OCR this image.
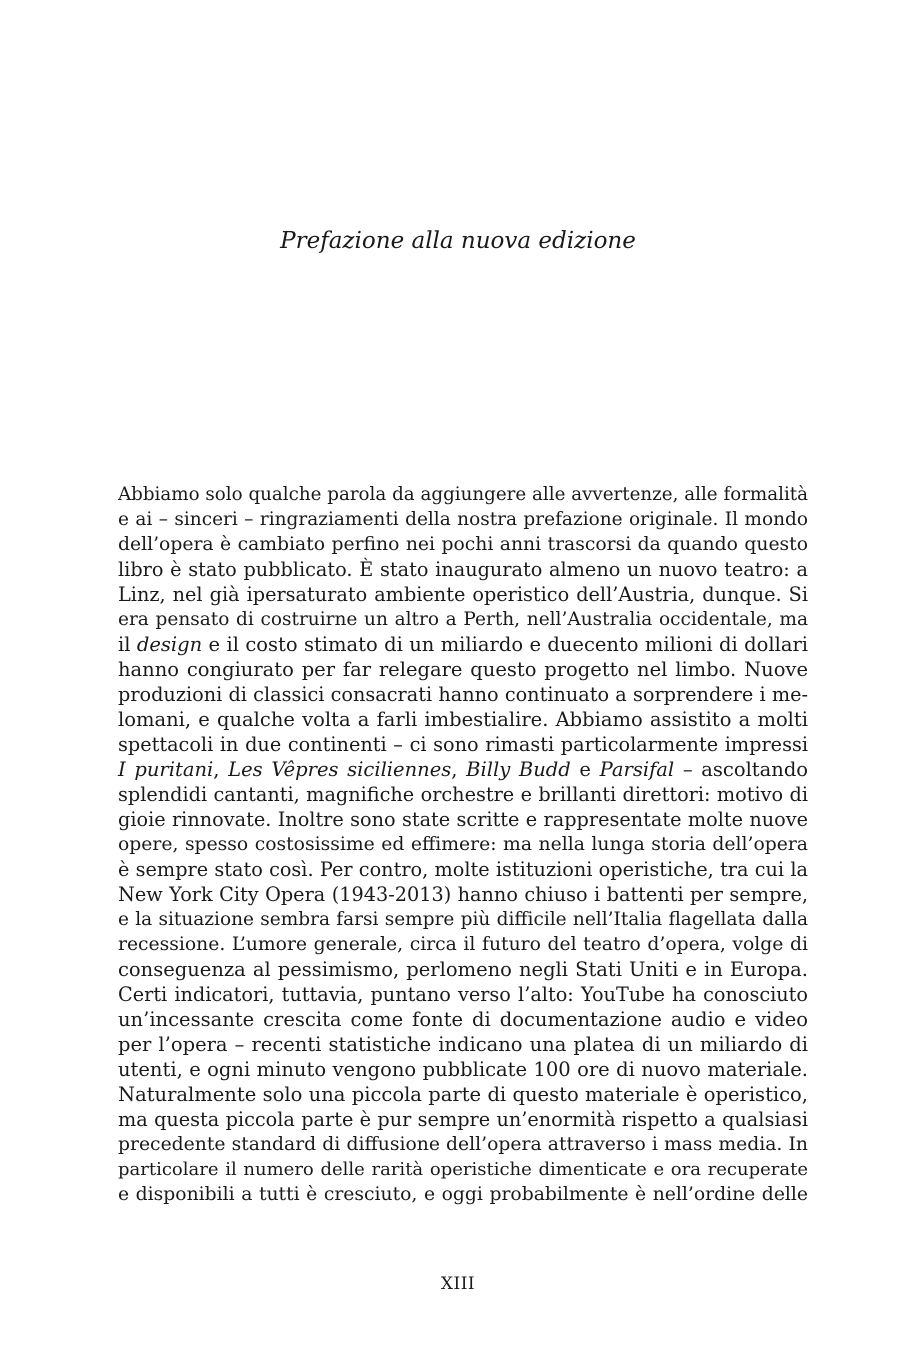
Prefazione alla nuova edizione
Abbiamo solo qualche parola da aggiungere alle avvertenze, alle formalità
e ai – sinceri – ringraziamenti della nostra prefazione originale. Il mondo
dell’opera è cambiato perfino nei pochi anni trascorsi da quando questo
libro è stato pubblicato. È stato inaugurato almeno un nuovo teatro: a
Linz, nel già ipersaturato ambiente operistico dell’Austria, dunque. Si
era pensato di costruirne un altro a Perth, nell’Australia occidentale, ma
il design e il costo stimato di un miliardo e duecento milioni di dollari
hanno congiurato per far relegare questo progetto nel limbo. Nuove
produzioni di classici consacrati hanno continuato a sorprendere i me-
lomani, e qualche volta a farli imbestialire. Abbiamo assistito a molti
spettacoli in due continenti – ci sono rimasti particolarmente impressi
I puritani, Les Vêpres siciliennes, Billy Budd e Parsifal – ascoltando
splendidi cantanti, magnifiche orchestre e brillanti direttori: motivo di
gioie rinnovate. Inoltre sono state scritte e rappresentate molte nuove
opere, spesso costosissime ed effimere: ma nella lunga storia dell’opera
è sempre stato così. Per contro, molte istituzioni operistiche, tra cui la
New York City Opera (1943-2013) hanno chiuso i battenti per sempre,
e la situazione sembra farsi sempre più difficile nell’Italia flagellata dalla
recessione. L’umore generale, circa il futuro del teatro d’opera, volge di
conseguenza al pessimismo, perlomeno negli Stati Uniti e in Europa.
Certi indicatori, tuttavia, puntano verso l’alto: YouTube ha conosciuto
un’incessante crescita come fonte di documentazione audio e video
per l’opera – recenti statistiche indicano una platea di un miliardo di
utenti, e ogni minuto vengono pubblicate 100 ore di nuovo materiale.
Naturalmente solo una piccola parte di questo materiale è operistico,
ma questa piccola parte è pur sempre un’enormità rispetto a qualsiasi
precedente standard di diffusione dell’opera attraverso i mass media. In
particolare il numero delle rarità operistiche dimenticate e ora recuperate
e disponibili a tutti è cresciuto, e oggi probabilmente è nell’ordine delle
XIII
